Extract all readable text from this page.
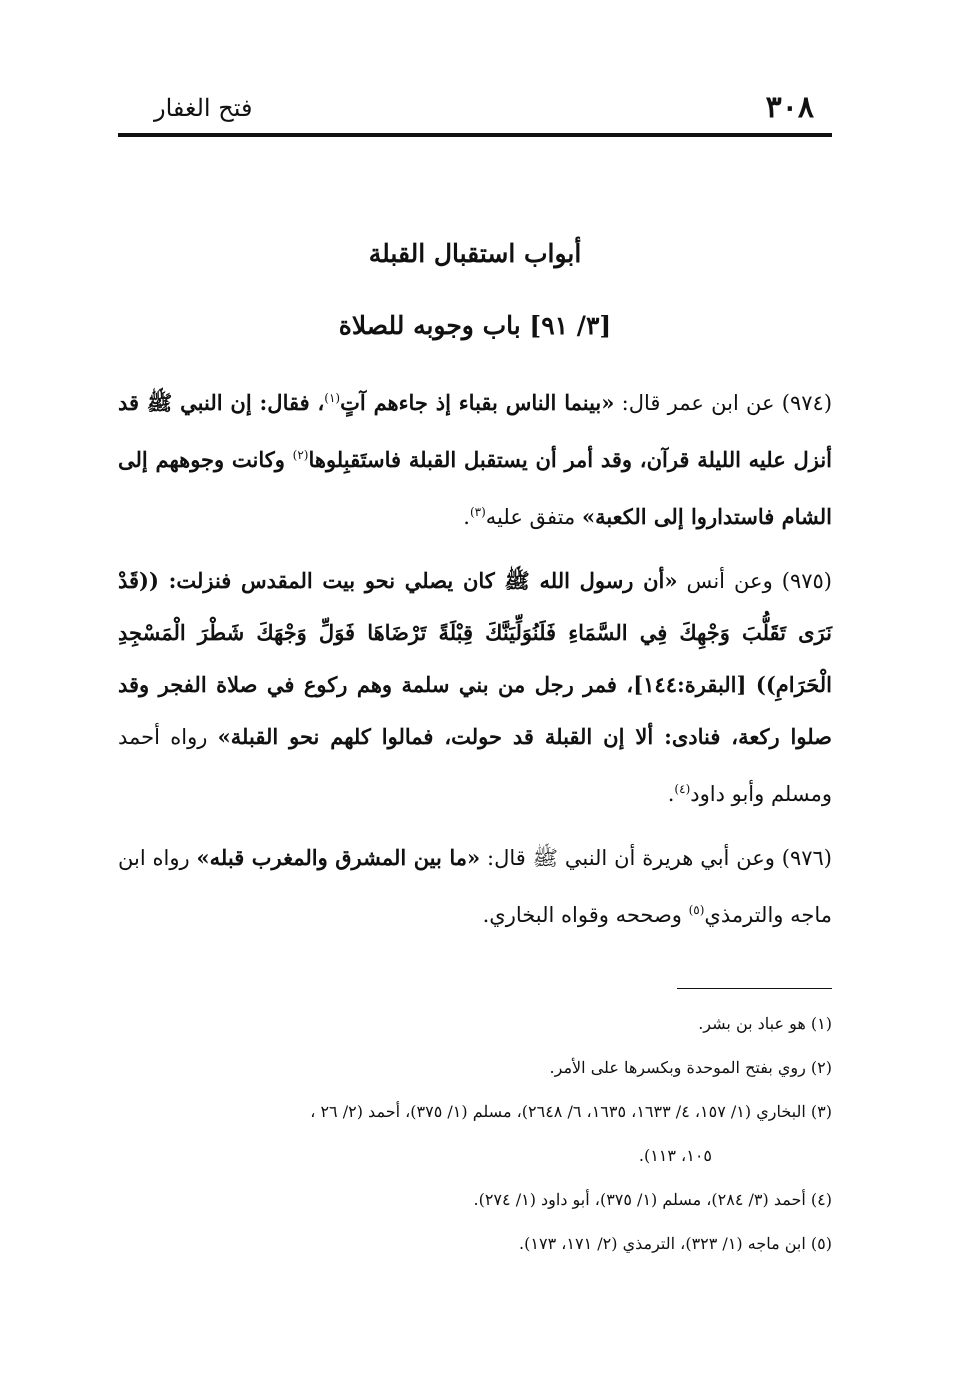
٣٠٨
فتح الغفار
أبواب استقبال القبلة
[٣/ ٩١] باب وجوبه للصلاة

(٩٧٤) عن ابن عمر قال: «بينما الناس بقباء إذ جاءهم آتٍ$^{(١)}$، فقال: إن النبي ﷺ قد أنزل عليه الليلة قرآن، وقد أمر أن يستقبل القبلة فاستَقبِلوها$^{(٢)}$ وكانت وجوههم إلى الشام فاستداروا إلى الكعبة» متفق عليه$^{(٣)}$.

(٩٧٥) وعن أنس «أن رسول الله ﷺ كان يصلي نحو بيت المقدس فنزلت: ((قَدْ نَرَى تَقَلُّبَ وَجْهِكَ فِي السَّمَاءِ فَلَنُوَلِّيَنَّكَ قِبْلَةً تَرْضَاهَا فَوَلِّ وَجْهَكَ شَطْرَ الْمَسْجِدِ الْحَرَامِ)) [البقرة:١٤٤]، فمر رجل من بني سلمة وهم ركوع في صلاة الفجر وقد صلوا ركعة، فنادى: ألا إن القبلة قد حولت، فمالوا كلهم نحو القبلة» رواه أحمد ومسلم وأبو داود$^{(٤)}$.

(٩٧٦) وعن أبي هريرة أن النبي ﷺ قال: «ما بين المشرق والمغرب قبله» رواه ابن ماجه والترمذي$^{(٥)}$ وصححه وقواه البخاري.

(١) هو عباد بن بشر.

(٢) روي بفتح الموحدة وبكسرها على الأمر.

(٣) البخاري (١/ ١٥٧، ٤/ ١٦٣٣، ١٦٣٥، ٦/ ٢٦٤٨)، مسلم (١/ ٣٧٥)، أحمد (٢/ ٢٦ ،

١٠٥، ١١٣).

(٤) أحمد (٣/ ٢٨٤)، مسلم (١/ ٣٧٥)، أبو داود (١/ ٢٧٤).

(٥) ابن ماجه (١/ ٣٢٣)، الترمذي (٢/ ١٧١، ١٧٣).
